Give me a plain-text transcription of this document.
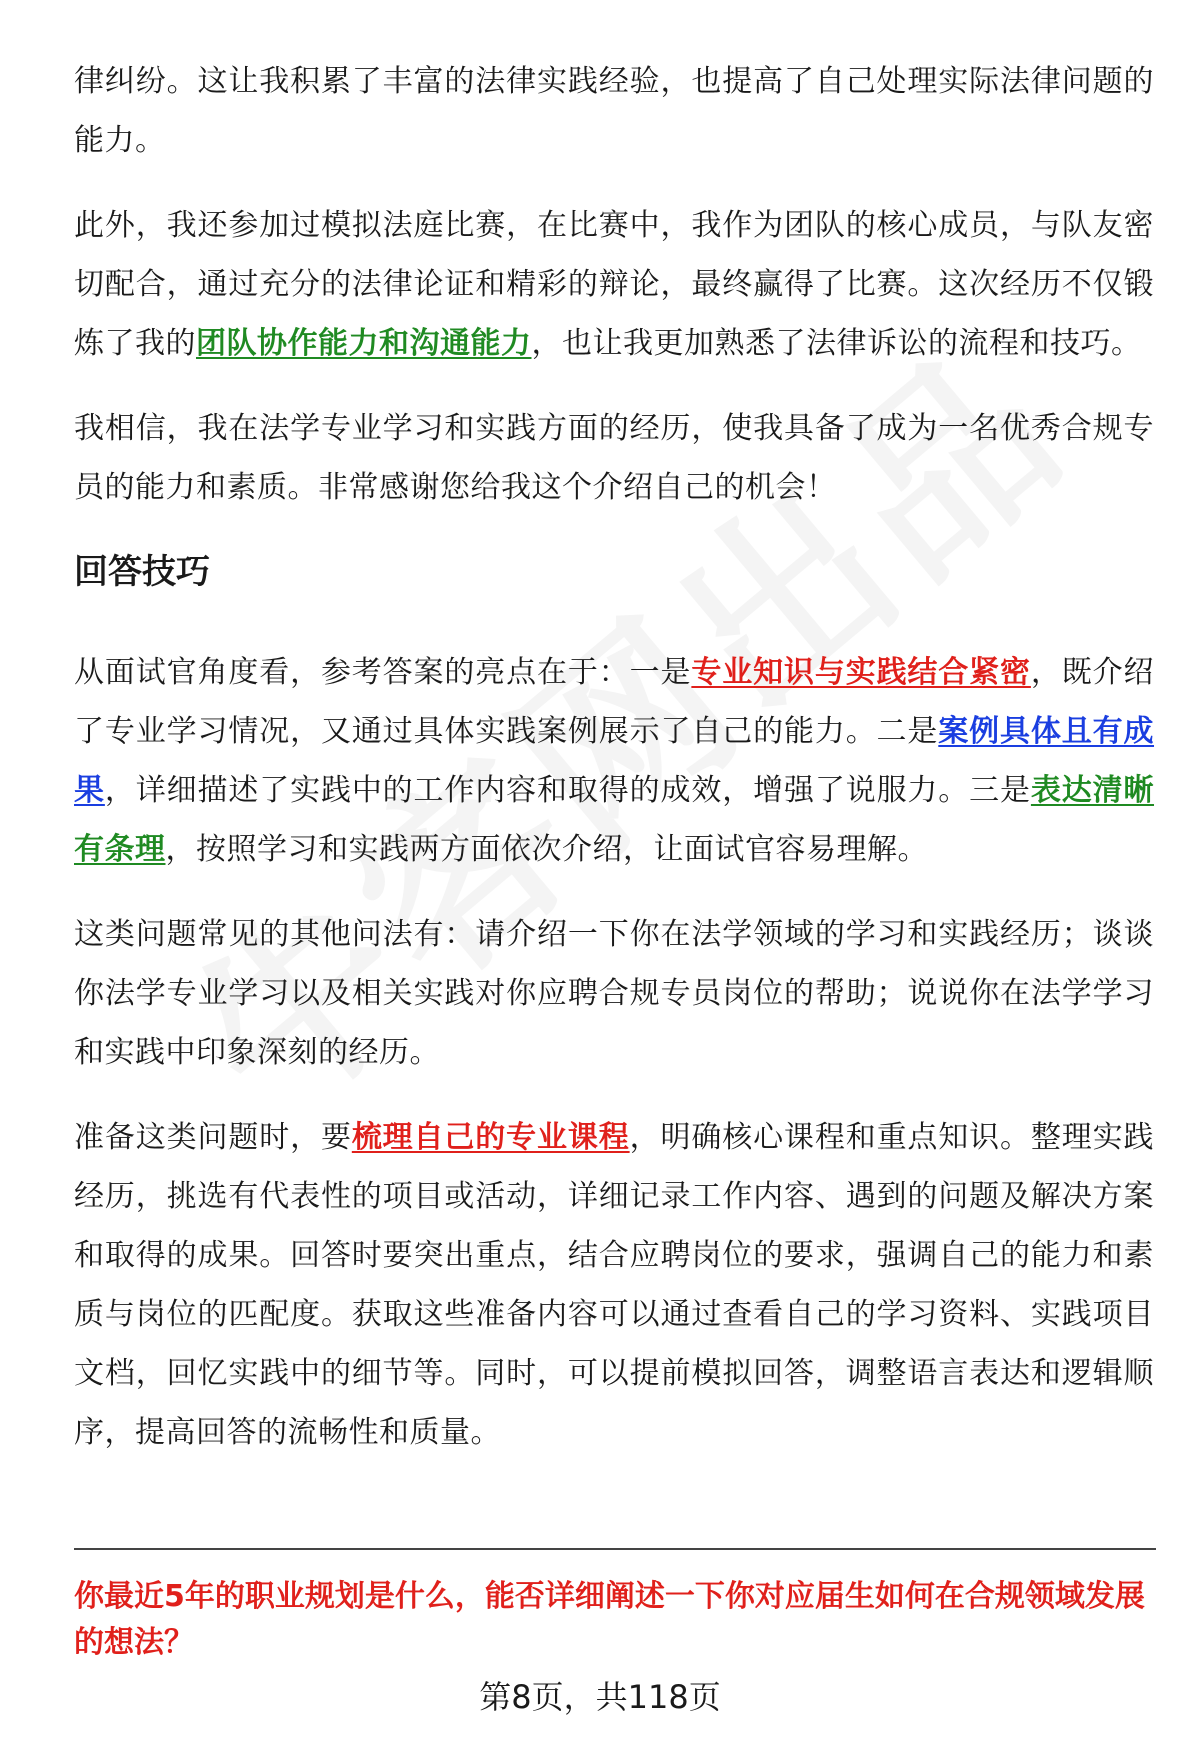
律纠纷。这让我积累了丰富的法律实践经验，也提高了自己处理实际法律问题的能力。

此外，我还参加过模拟法庭比赛，在比赛中，我作为团队的核心成员，与队友密切配合，通过充分的法律论证和精彩的辩论，最终赢得了比赛。这次经历不仅锻炼了我的团队协作能力和沟通能力，也让我更加熟悉了法律诉讼的流程和技巧。

我相信，我在法学专业学习和实践方面的经历，使我具备了成为一名优秀合规专员的能力和素质。非常感谢您给我这个介绍自己的机会！

回答技巧

从面试官角度看，参考答案的亮点在于：一是专业知识与实践结合紧密，既介绍了专业学习情况，又通过具体实践案例展示了自己的能力。二是案例具体且有成果，详细描述了实践中的工作内容和取得的成效，增强了说服力。三是表达清晰有条理，按照学习和实践两方面依次介绍，让面试官容易理解。

这类问题常见的其他问法有：请介绍一下你在法学领域的学习和实践经历；谈谈你法学专业学习以及相关实践对你应聘合规专员岗位的帮助；说说你在法学学习和实践中印象深刻的经历。

准备这类问题时，要梳理自己的专业课程，明确核心课程和重点知识。整理实践经历，挑选有代表性的项目或活动，详细记录工作内容、遇到的问题及解决方案和取得的成果。回答时要突出重点，结合应聘岗位的要求，强调自己的能力和素质与岗位的匹配度。获取这些准备内容可以通过查看自己的学习资料、实践项目文档，回忆实践中的细节等。同时，可以提前模拟回答，调整语言表达和逻辑顺序，提高回答的流畅性和质量。

你最近5年的职业规划是什么，能否详细阐述一下你对应届生如何在合规领域发展的想法？

第8页，共118页
